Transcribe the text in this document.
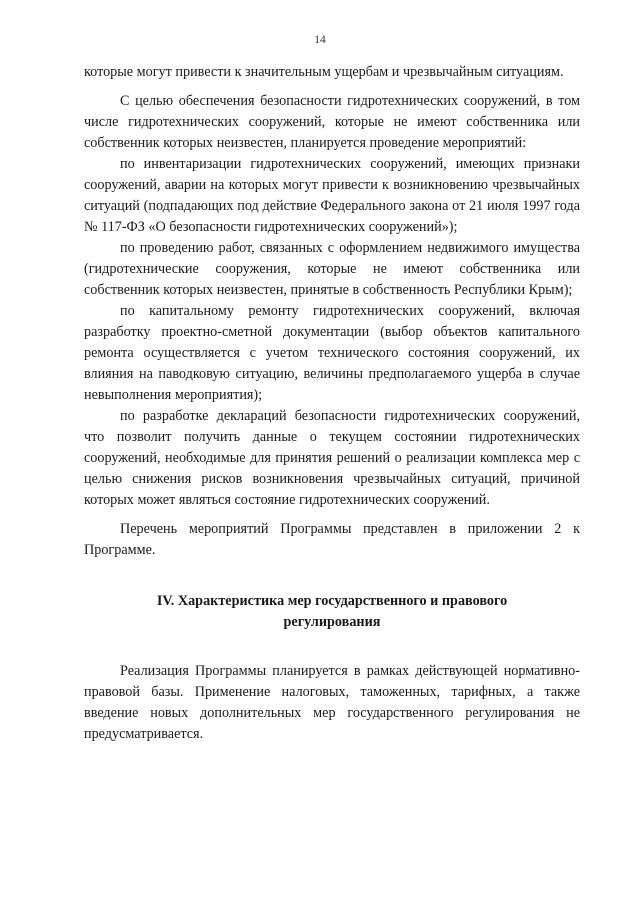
14

которые могут привести к значительным ущербам и чрезвычайным ситуациям.

С целью обеспечения безопасности гидротехнических сооружений, в том числе гидротехнических сооружений, которые не имеют собственника или собственник которых неизвестен, планируется проведение мероприятий:

по инвентаризации гидротехнических сооружений, имеющих признаки сооружений, аварии на которых могут привести к возникновению чрезвычайных ситуаций (подпадающих под действие Федерального закона от 21 июля 1997 года № 117-ФЗ «О безопасности гидротехнических сооружений»);

по проведению работ, связанных с оформлением недвижимого имущества (гидротехнические сооружения, которые не имеют собственника или собственник которых неизвестен, принятые в собственность Республики Крым);

по капитальному ремонту гидротехнических сооружений, включая разработку проектно-сметной документации (выбор объектов капитального ремонта осуществляется с учетом технического состояния сооружений, их влияния на паводковую ситуацию, величины предполагаемого ущерба в случае невыполнения мероприятия);

по разработке деклараций безопасности гидротехнических сооружений, что позволит получить данные о текущем состоянии гидротехнических сооружений, необходимые для принятия решений о реализации комплекса мер с целью снижения рисков возникновения чрезвычайных ситуаций, причиной которых может являться состояние гидротехнических сооружений.

Перечень мероприятий Программы представлен в приложении 2 к Программе.

IV. Характеристика мер государственного и правового
регулирования

Реализация Программы планируется в рамках действующей нормативно-правовой базы. Применение налоговых, таможенных, тарифных, а также введение новых дополнительных мер государственного регулирования не предусматривается.
